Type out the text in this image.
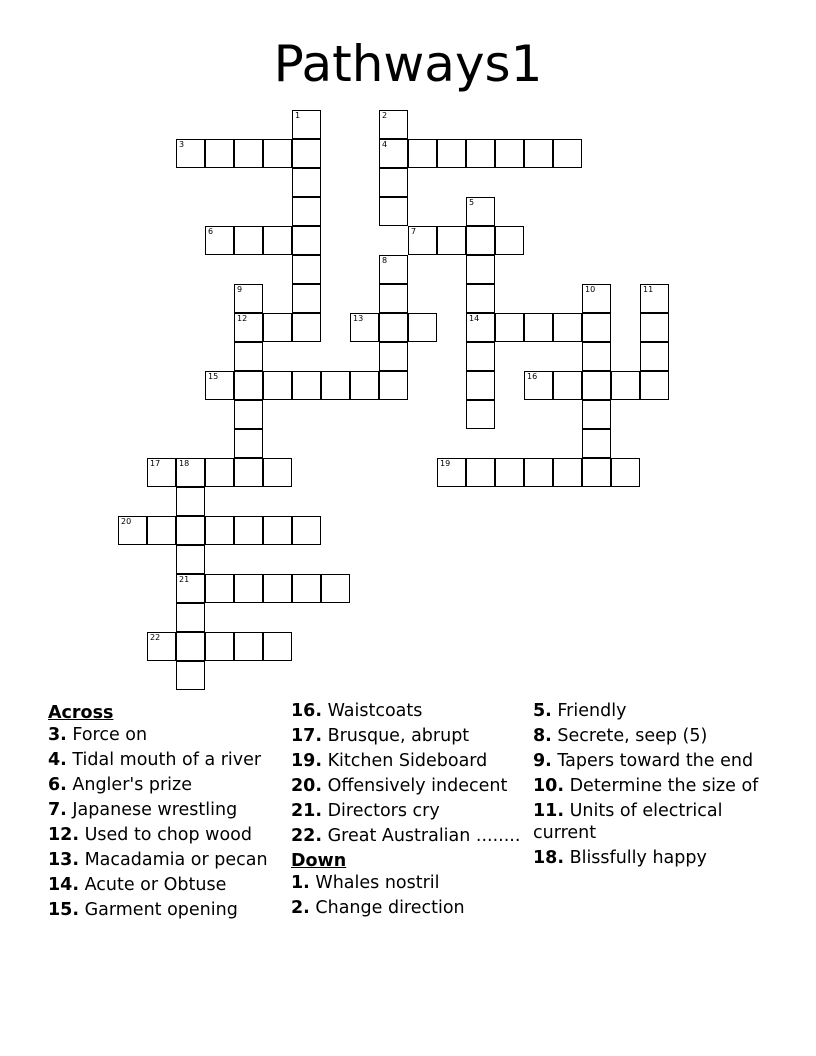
Pathways1
1	2
4
3
5
14
6	7
8
9
12
10	11
13
15	16
17 18
21
19
20
22
Across
3. Force on
4. Tidal mouth of a river
6. Angler's prize
7. Japanese wrestling
12. Used to chop wood
13. Macadamia or pecan
14. Acute or Obtuse
15. Garment opening
16. Waistcoats
17. Brusque, abrupt
19. Kitchen Sideboard
20. Offensively indecent
21. Directors cry
22. Great Australian ........
Down
1. Whales nostril
2. Change direction
5. Friendly
8. Secrete, seep (5)
9. Tapers toward the end
10. Determine the size of
11. Units of electrical current
18. Blissfully happy
